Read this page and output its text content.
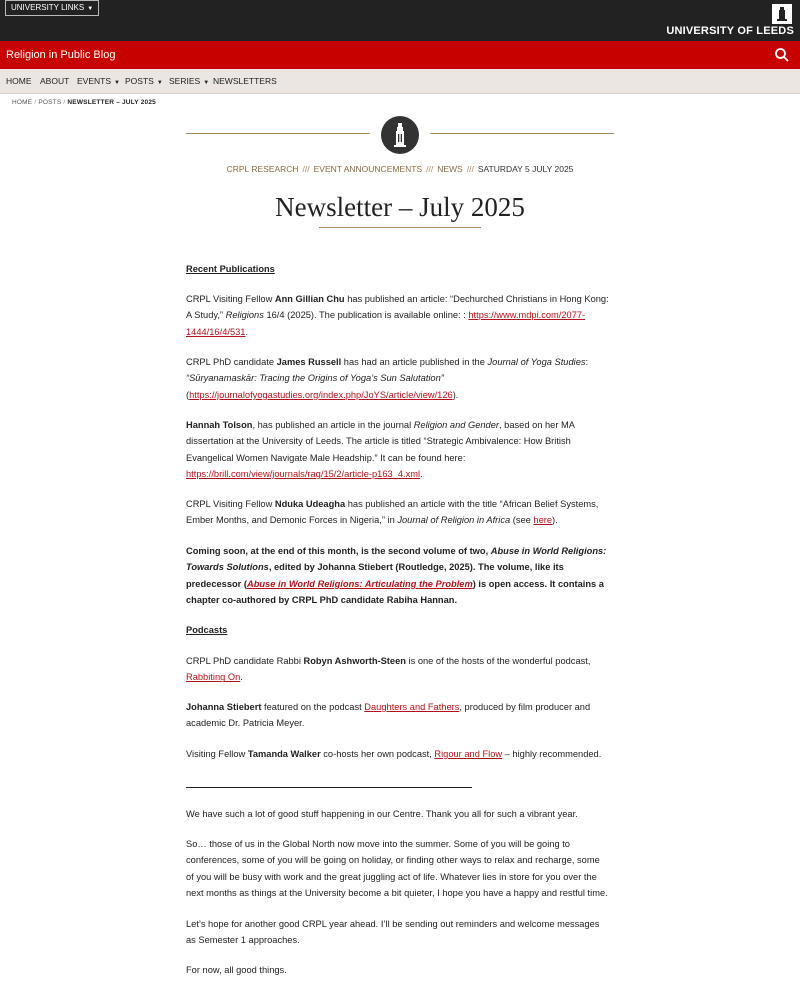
UNIVERSITY LINKS ▼
UNIVERSITY OF LEEDS
Religion in Public Blog
HOME ABOUT EVENTS ▼ POSTS ▼ SERIES ▼ NEWSLETTERS
HOME / POSTS / NEWSLETTER – JULY 2025
CRPL RESEARCH /// EVENT ANNOUNCEMENTS /// NEWS /// SATURDAY 5 JULY 2025
Newsletter – July 2025
Recent Publications

CRPL Visiting Fellow Ann Gillian Chu has published an article: “Dechurched Christians in Hong Kong: A Study,” Religions 16/4 (2025). The publication is available online: : https://www.mdpi.com/2077-1444/16/4/531.

CRPL PhD candidate James Russell has had an article published in the Journal of Yoga Studies: “Sūryanamaskār: Tracing the Origins of Yoga’s Sun Salutation” (https://journalofyogastudies.org/index.php/JoYS/article/view/126).

Hannah Tolson, has published an article in the journal Religion and Gender, based on her MA dissertation at the University of Leeds. The article is titled “Strategic Ambivalence: How British Evangelical Women Navigate Male Headship.” It can be found here: https://brill.com/view/journals/rag/15/2/article-p163_4.xml.

CRPL Visiting Fellow Nduka Udeagha has published an article with the title “African Belief Systems, Ember Months, and Demonic Forces in Nigeria,” in Journal of Religion in Africa (see here).

Coming soon, at the end of this month, is the second volume of two, Abuse in World Religions: Towards Solutions, edited by Johanna Stiebert (Routledge, 2025). The volume, like its predecessor (Abuse in World Religions: Articulating the Problem) is open access. It contains a chapter co-authored by CRPL PhD candidate Rabiha Hannan.

Podcasts

CRPL PhD candidate Rabbi Robyn Ashworth-Steen is one of the hosts of the wonderful podcast, Rabbiting On.

Johanna Stiebert featured on the podcast Daughters and Fathers, produced by film producer and academic Dr. Patricia Meyer.

Visiting Fellow Tamanda Walker co-hosts her own podcast, Rigour and Flow – highly recommended.

We have such a lot of good stuff happening in our Centre. Thank you all for such a vibrant year.

So… those of us in the Global North now move into the summer. Some of you will be going to conferences, some of you will be going on holiday, or finding other ways to relax and recharge, some of you will be busy with work and the great juggling act of life. Whatever lies in store for you over the next months as things at the University become a bit quieter, I hope you have a happy and restful time.

Let’s hope for another good CRPL year ahead. I’ll be sending out reminders and welcome messages as Semester 1 approaches.

For now, all good things.
